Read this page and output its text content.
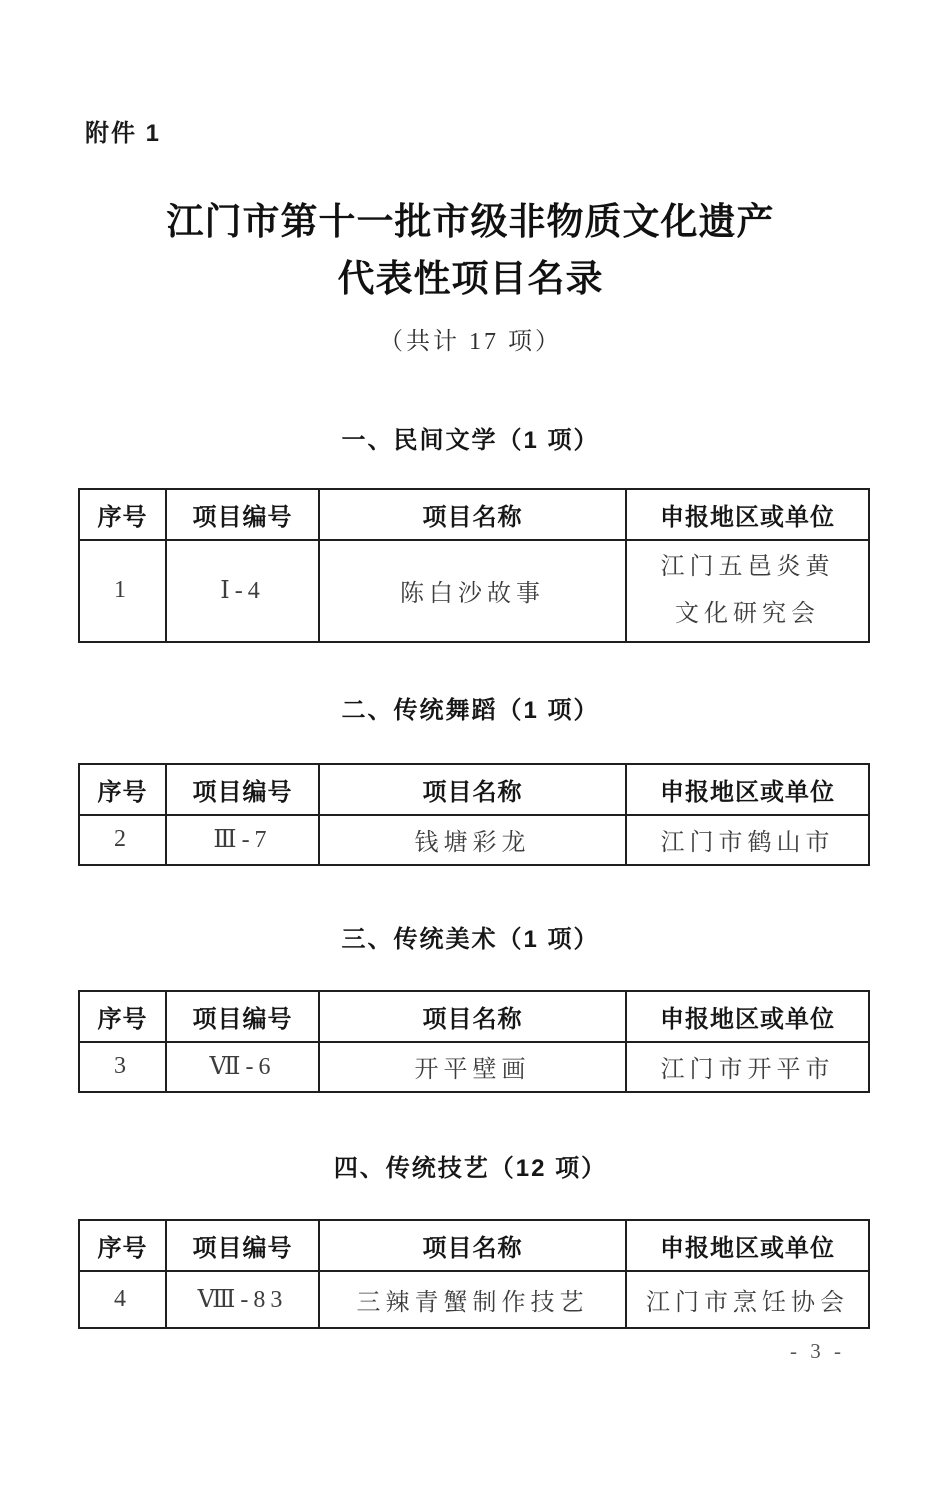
附件 1
江门市第十一批市级非物质文化遗产
代表性项目名录
（共计 17 项）
一、民间文学（1 项）
序号	项目编号	项目名称	申报地区或单位
1	Ⅰ-4	陈白沙故事	江门五邑炎黄
文化研究会
二、传统舞蹈（1 项）
序号	项目编号	项目名称	申报地区或单位
2	Ⅲ-7	钱塘彩龙	江门市鹤山市
三、传统美术（1 项）
序号	项目编号	项目名称	申报地区或单位
3	Ⅶ-6	开平壁画	江门市开平市
四、传统技艺（12 项）
序号	项目编号	项目名称	申报地区或单位
4	Ⅷ-83	三辣青蟹制作技艺	江门市烹饪协会
- 3 -
